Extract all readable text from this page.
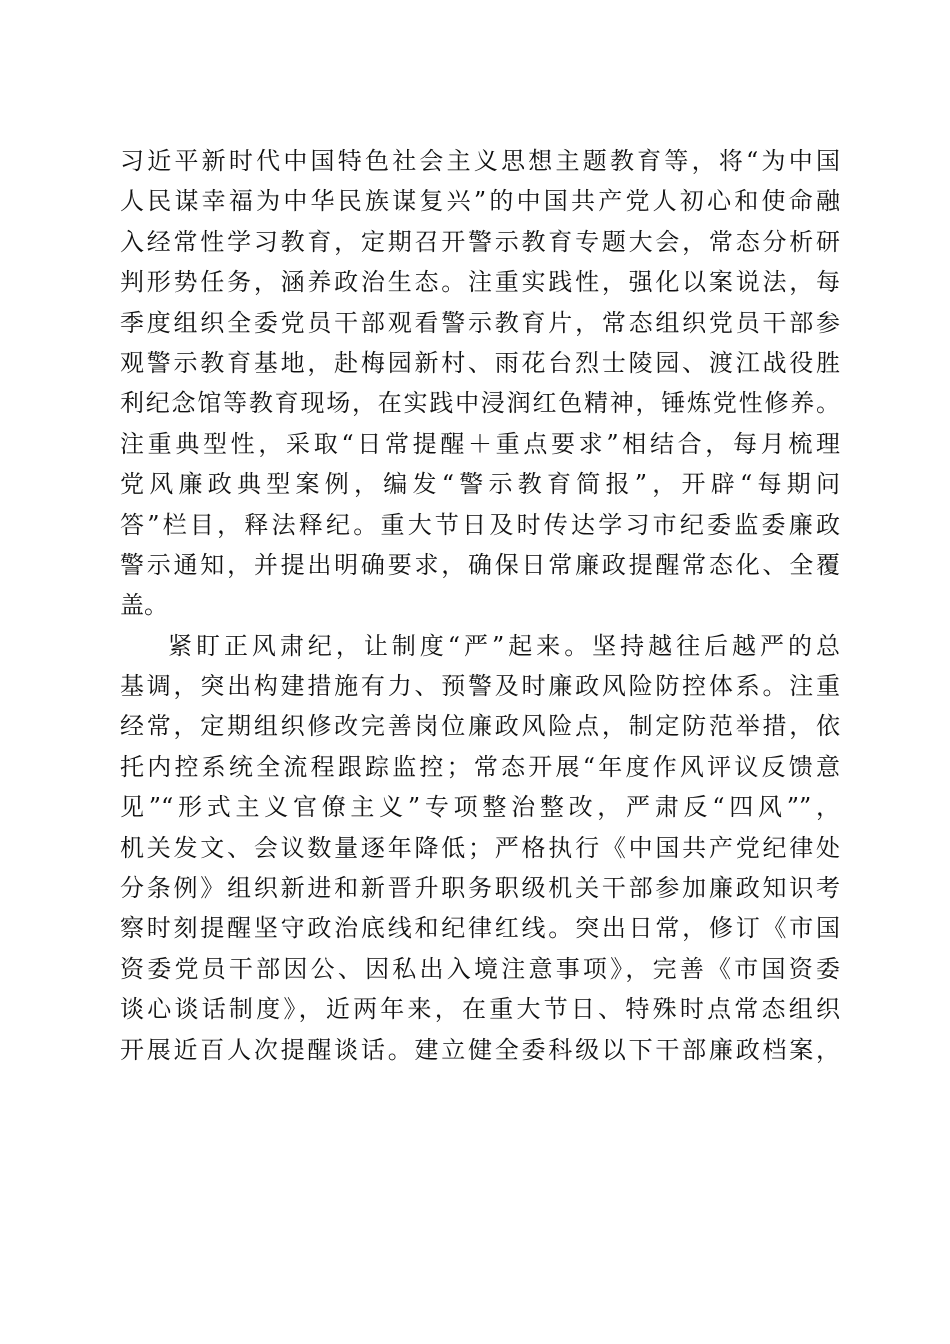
习近平新时代中国特色社会主义思想主题教育等，将“为中国
人民谋幸福为中华民族谋复兴”的中国共产党人初心和使命融
入经常性学习教育，定期召开警示教育专题大会，常态分析研
判形势任务，涵养政治生态。注重实践性，强化以案说法，每
季度组织全委党员干部观看警示教育片，常态组织党员干部参
观警示教育基地，赴梅园新村、雨花台烈士陵园、渡江战役胜
利纪念馆等教育现场，在实践中浸润红色精神，锤炼党性修养。
注重典型性，采取“日常提醒＋重点要求”相结合，每月梳理
党风廉政典型案例，编发“警示教育简报”，开辟“每期问
答”栏目，释法释纪。重大节日及时传达学习市纪委监委廉政
警示通知，并提出明确要求，确保日常廉政提醒常态化、全覆
盖。
紧盯正风肃纪，让制度“严”起来。坚持越往后越严的总
基调，突出构建措施有力、预警及时廉政风险防控体系。注重
经常，定期组织修改完善岗位廉政风险点，制定防范举措，依
托内控系统全流程跟踪监控；常态开展“年度作风评议反馈意
见”“形式主义官僚主义”专项整治整改，严肃反“四风””，
机关发文、会议数量逐年降低；严格执行《中国共产党纪律处
分条例》组织新进和新晋升职务职级机关干部参加廉政知识考
察时刻提醒坚守政治底线和纪律红线。突出日常，修订《市国
资委党员干部因公、因私出入境注意事项》，完善《市国资委
谈心谈话制度》，近两年来，在重大节日、特殊时点常态组织
开展近百人次提醒谈话。建立健全委科级以下干部廉政档案，
